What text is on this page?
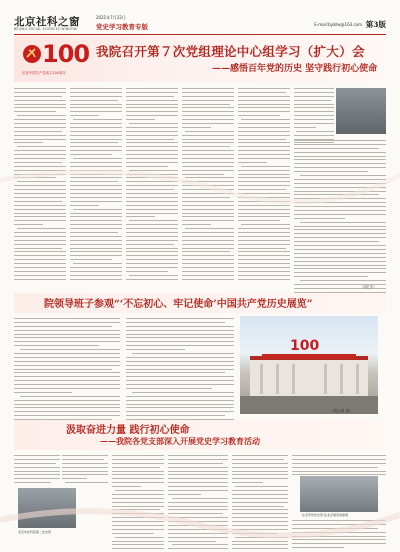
北京社科之窗
BEIJING SOCIAL SCIENCES WINDOW
2021年7月22日
党史学习教育专版	E-mail:bjsklw@163.com 第3版
100
庆祝中国共产党成立100周年
我院召开第７次党组理论中心组学习（扩大）会
——感悟百年党的历史 坚守践行初心使命
（周红军）
院领导班子参观“‘不忘初心、牢记使命’中国共产党历史展览”
100
（胡志刚 摄）
汲取奋进力量 践行初心使命
——我院各党支部深入开展党史学习教育活动
北京市社科院第二党支部
社会学所党支部 赴北京展览馆参观
